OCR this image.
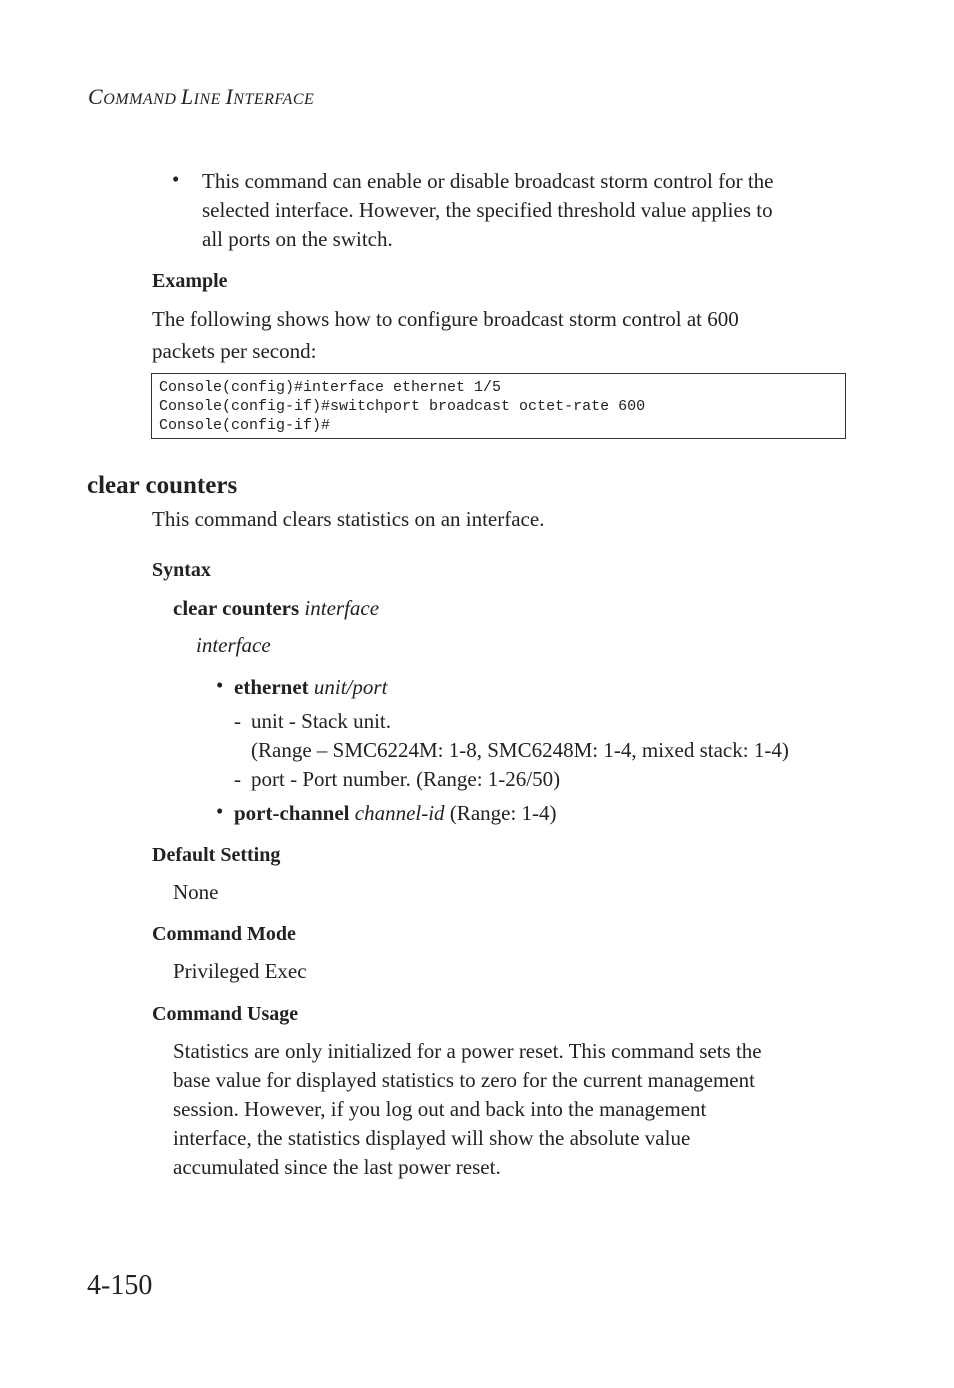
COMMAND LINE INTERFACE
• This command can enable or disable broadcast storm control for the
selected interface. However, the specified threshold value applies to
all ports on the switch.
Example
The following shows how to configure broadcast storm control at 600
packets per second:
Console(config)#interface ethernet 1/5
Console(config-if)#switchport broadcast octet-rate 600
Console(config-if)#
clear counters
This command clears statistics on an interface.
Syntax
clear counters interface
interface
• ethernet unit/port
- unit - Stack unit.
(Range – SMC6224M: 1-8, SMC6248M: 1-4, mixed stack: 1-4)
- port - Port number. (Range: 1-26/50)
• port-channel channel-id (Range: 1-4)
Default Setting
None
Command Mode
Privileged Exec
Command Usage
Statistics are only initialized for a power reset. This command sets the
base value for displayed statistics to zero for the current management
session. However, if you log out and back into the management
interface, the statistics displayed will show the absolute value
accumulated since the last power reset.
4-150
